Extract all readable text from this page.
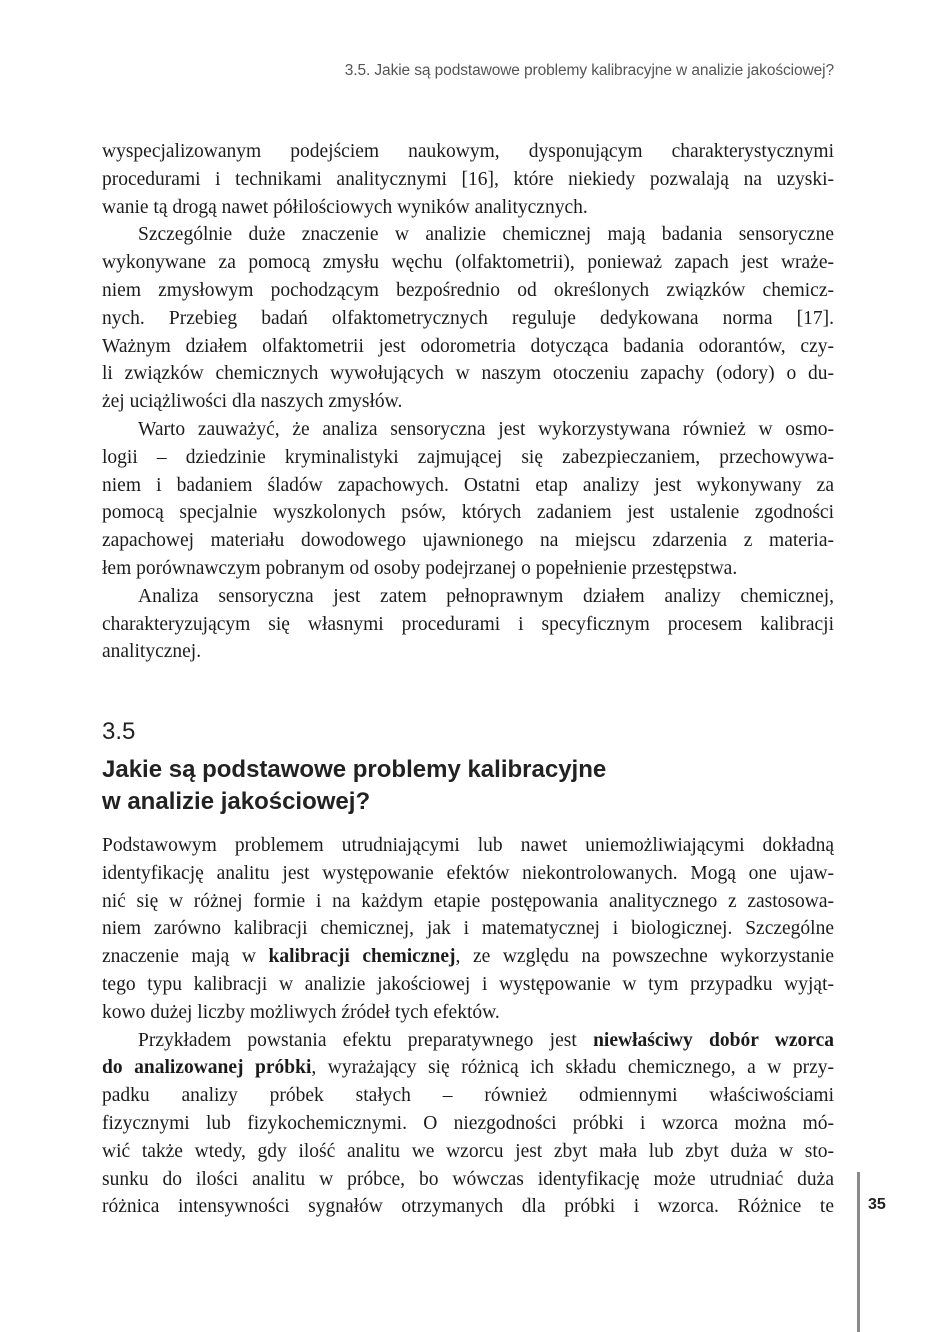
3.5. Jakie są podstawowe problemy kalibracyjne w analizie jakościowej?
wyspecjalizowanym podejściem naukowym, dysponującym charakterystycznymi
procedurami i technikami analitycznymi [16], które niekiedy pozwalają na uzyski-
wanie tą drogą nawet półilościowych wyników analitycznych.
Szczególnie duże znaczenie w analizie chemicznej mają badania sensoryczne
wykonywane za pomocą zmysłu węchu (olfaktometrii), ponieważ zapach jest wraże-
niem zmysłowym pochodzącym bezpośrednio od określonych związków chemicz-
nych. Przebieg badań olfaktometrycznych reguluje dedykowana norma [17].
Ważnym działem olfaktometrii jest odorometria dotycząca badania odorantów, czy-
li związków chemicznych wywołujących w naszym otoczeniu zapachy (odory) o du-
żej uciążliwości dla naszych zmysłów.
Warto zauważyć, że analiza sensoryczna jest wykorzystywana również w osmo-
logii – dziedzinie kryminalistyki zajmującej się zabezpieczaniem, przechowywa-
niem i badaniem śladów zapachowych. Ostatni etap analizy jest wykonywany za
pomocą specjalnie wyszkolonych psów, których zadaniem jest ustalenie zgodności
zapachowej materiału dowodowego ujawnionego na miejscu zdarzenia z materia-
łem porównawczym pobranym od osoby podejrzanej o popełnienie przestępstwa.
Analiza sensoryczna jest zatem pełnoprawnym działem analizy chemicznej,
charakteryzującym się własnymi procedurami i specyficznym procesem kalibracji
analitycznej.
3.5
Jakie są podstawowe problemy kalibracyjne
w analizie jakościowej?
Podstawowym problemem utrudniającymi lub nawet uniemożliwiającymi dokładną
identyfikację analitu jest występowanie efektów niekontrolowanych. Mogą one ujaw-
nić się w różnej formie i na każdym etapie postępowania analitycznego z zastosowa-
niem zarówno kalibracji chemicznej, jak i matematycznej i biologicznej. Szczególne
znaczenie mają w kalibracji chemicznej, ze względu na powszechne wykorzystanie
tego typu kalibracji w analizie jakościowej i występowanie w tym przypadku wyjąt-
kowo dużej liczby możliwych źródeł tych efektów.
Przykładem powstania efektu preparatywnego jest niewłaściwy dobór wzorca
do analizowanej próbki, wyrażający się różnicą ich składu chemicznego, a w przy-
padku analizy próbek stałych – również odmiennymi właściwościami
fizycznymi lub fizykochemicznymi. O niezgodności próbki i wzorca można mó-
wić także wtedy, gdy ilość analitu we wzorcu jest zbyt mała lub zbyt duża w sto-
sunku do ilości analitu w próbce, bo wówczas identyfikację może utrudniać duża
różnica intensywności sygnałów otrzymanych dla próbki i wzorca. Różnice te 35
